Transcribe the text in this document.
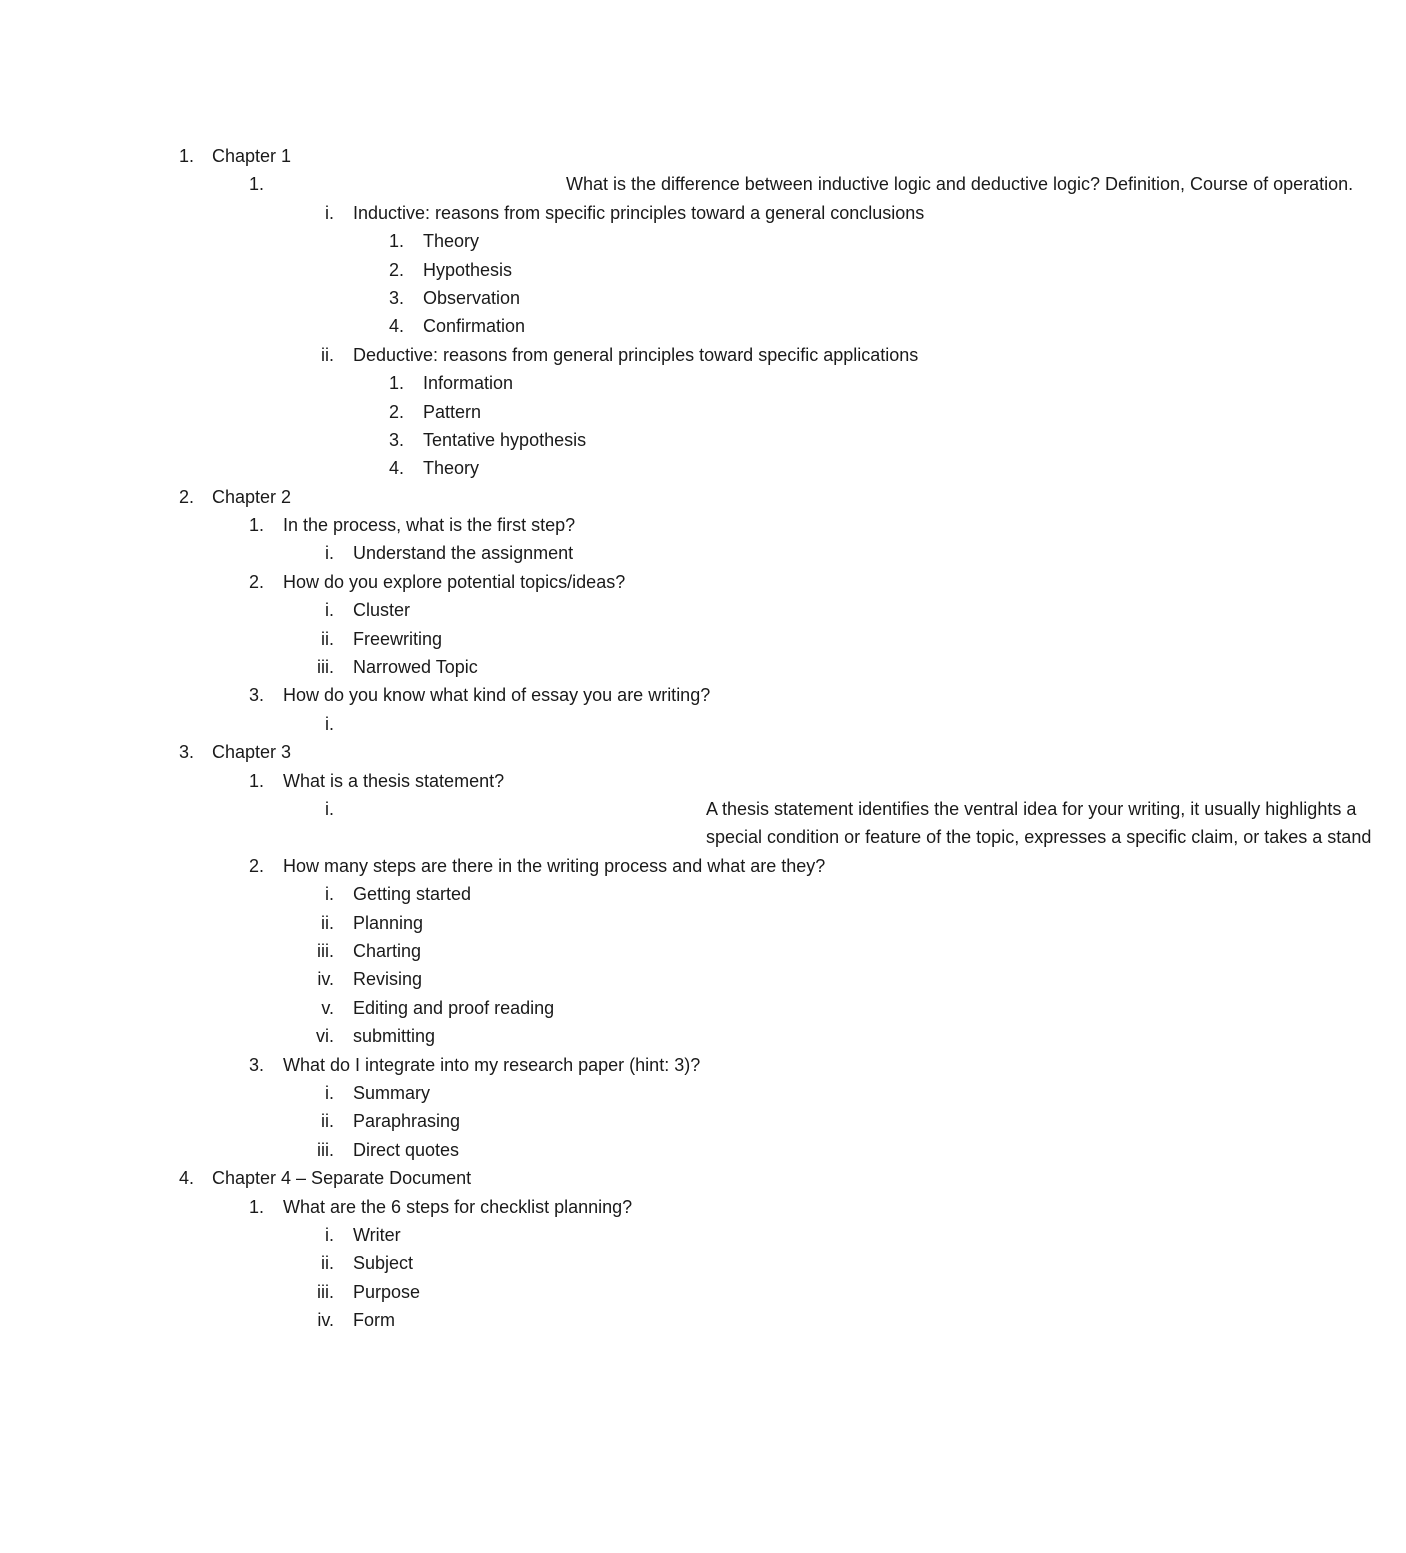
1. Chapter 1
1.	What is the difference between inductive logic and deductive logic? Definition, Course of operation.
i. Inductive: reasons from specific principles toward a general conclusions
1. Theory
2. Hypothesis
3. Observation
4. Confirmation
ii. Deductive: reasons from general principles toward specific applications
1. Information
2. Pattern
3. Tentative hypothesis
4. Theory
2. Chapter 2
1. In the process, what is the first step?
i. Understand the assignment
2. How do you explore potential topics/ideas?
i. Cluster
ii. Freewriting
iii. Narrowed Topic
3. How do you know what kind of essay you are writing?
i.
3. Chapter 3
1. What is a thesis statement?
i.	A thesis statement identifies the ventral idea for your writing, it usually highlights a special condition or feature of the topic, expresses a specific claim, or takes a stand
2. How many steps are there in the writing process and what are they?
i. Getting started
ii. Planning
iii. Charting
iv. Revising
v. Editing and proof reading
vi. submitting
3. What do I integrate into my research paper (hint: 3)?
i. Summary
ii. Paraphrasing
iii. Direct quotes
4. Chapter 4 – Separate Document
1. What are the 6 steps for checklist planning?
i. Writer
ii. Subject
iii. Purpose
iv. Form
